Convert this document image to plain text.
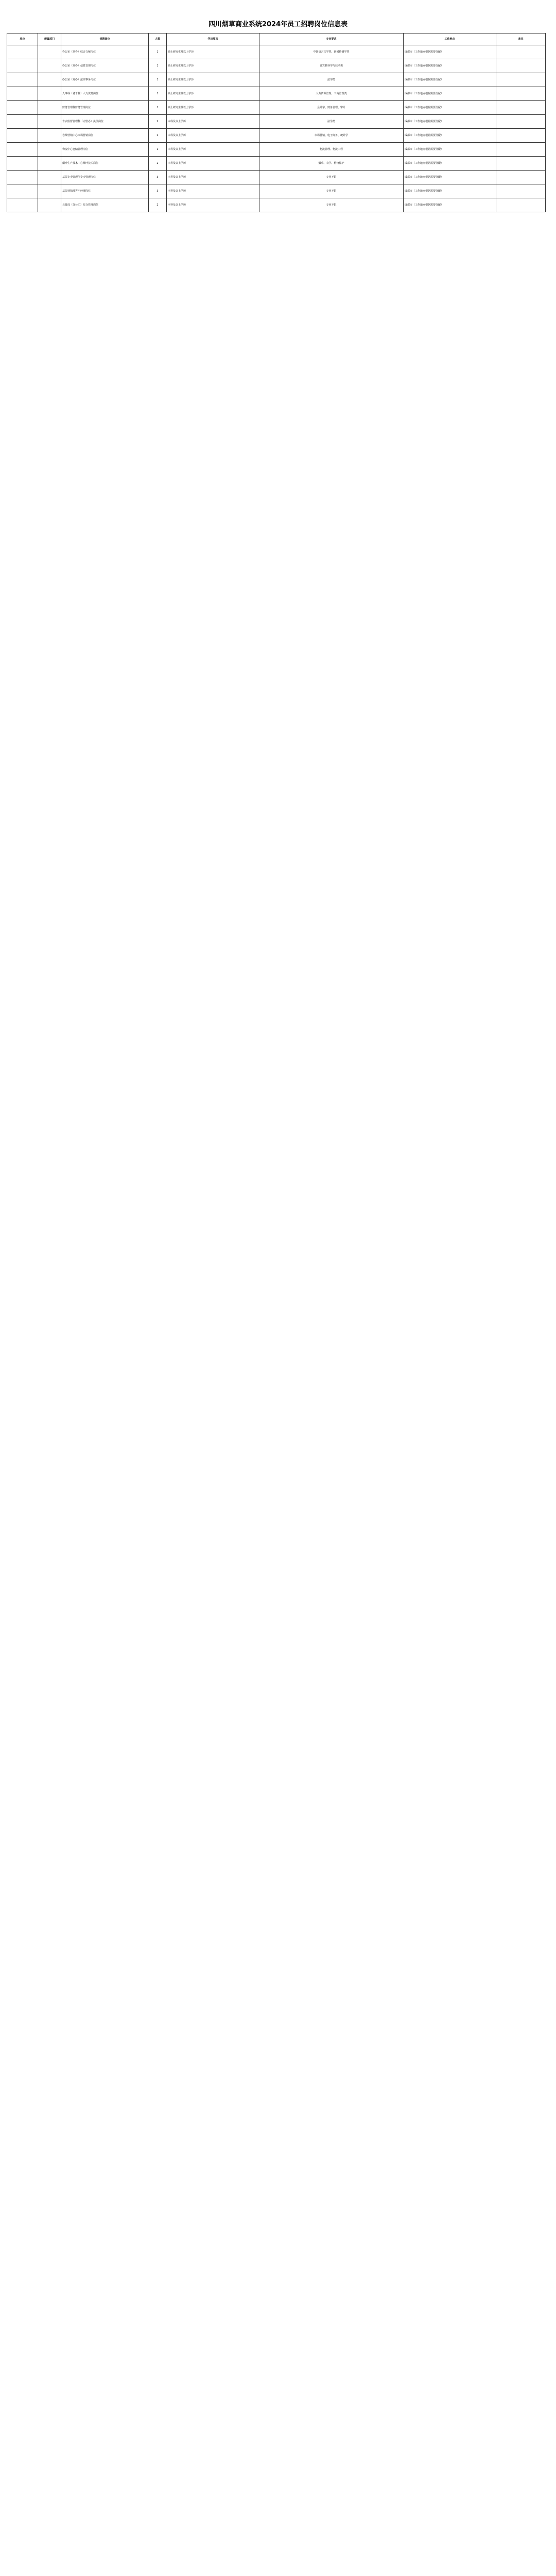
四川烟草商业系统2024年员工招聘岗位信息表
单位	所属部门	招聘岗位	人数	学历要求	专业要求	工作地点	备注
		办公室（党办）综合文秘岗位	1	硕士研究生及以上学历	中国语言文学类、新闻传播学类	成都市（工作地点根据需要分配）	
		办公室（党办）信息管理岗位	1	硕士研究生及以上学历	计算机科学与技术类	成都市（工作地点根据需要分配）	
		办公室（党办）法律事务岗位	1	硕士研究生及以上学历	法学类	成都市（工作地点根据需要分配）	
		人事科（老干科）人力资源岗位	1	硕士研究生及以上学历	人力资源管理、工商管理类	成都市（工作地点根据需要分配）	
		财务管理科财务管理岗位	1	硕士研究生及以上学历	会计学、财务管理、审计	成都市（工作地点根据需要分配）	
		专卖监督管理科（内管办）执法岗位	2	本科及以上学历	法学类	成都市（工作地点根据需要分配）	
		卷烟营销中心市场营销岗位	2	本科及以上学历	市场营销、电子商务、统计学	成都市（工作地点根据需要分配）	
		物流中心仓储管理岗位	1	本科及以上学历	物流管理、物流工程	成都市（工作地点根据需要分配）	
		烟叶生产技术中心烟叶技术岗位	2	本科及以上学历	烟草、农学、植物保护	成都市（工作地点根据需要分配）	
		基层专卖管理所专卖管理岗位	3	本科及以上学历	专业不限	成都市（工作地点根据需要分配）	
		基层营销部客户经理岗位	3	本科及以上学历	专业不限	成都市（工作地点根据需要分配）	
		县级局（分公司）综合管理岗位	2	本科及以上学历	专业不限	成都市（工作地点根据需要分配）	
